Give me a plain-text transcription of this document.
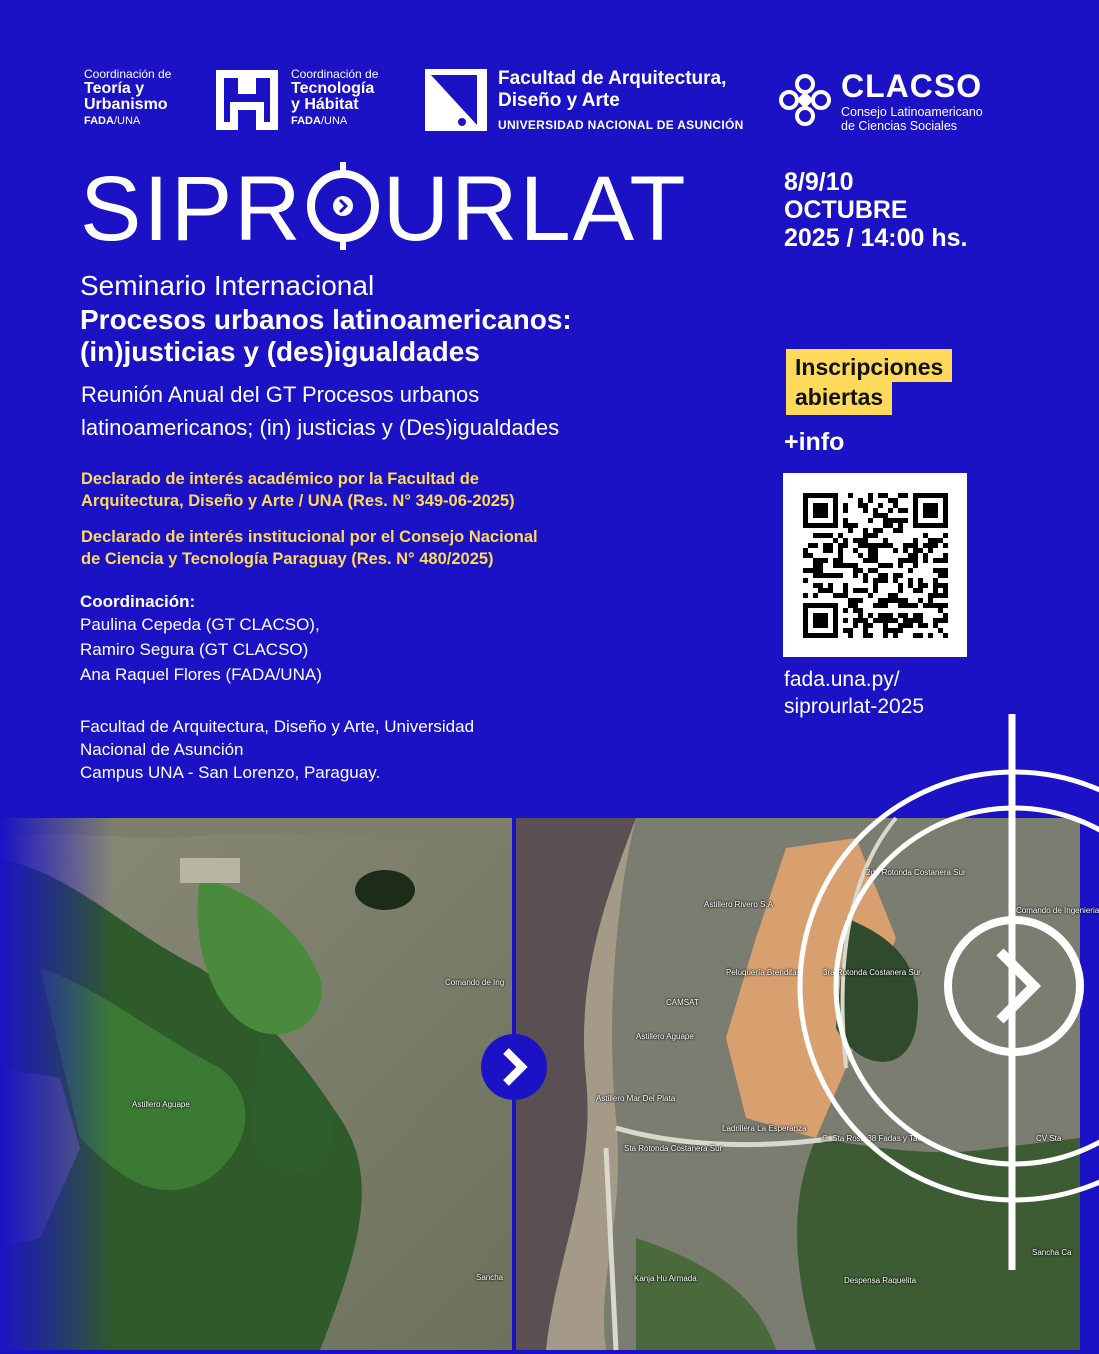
Coordinación de
Teoría y
Urbanismo
FADA/UNA
Coordinación de
Tecnología
y Hábitat
FADA/UNA
Facultad de Arquitectura,
Diseño y Arte
UNIVERSIDAD NACIONAL DE ASUNCIÓN
CLACSO
Consejo Latinoamericano
de Ciencias Sociales
SIPR URLAT
Seminario Internacional
Procesos urbanos latinoamericanos:
(in)justicias y (des)igualdades
Reunión Anual del GT Procesos urbanos
latinoamericanos; (in) justicias y (Des)igualdades
Declarado de interés académico por la Facultad de
Arquitectura, Diseño y Arte / UNA (Res. N° 349-06-2025)
Declarado de interés institucional por el Consejo Nacional
de Ciencia y Tecnología Paraguay (Res. N° 480/2025)
Coordinación:
Paulina Cepeda (GT CLACSO),
Ramiro Segura (GT CLACSO)
Ana Raquel Flores (FADA/UNA)
Facultad de Arquitectura, Diseño y Arte, Universidad
Nacional de Asunción
Campus UNA - San Lorenzo, Paraguay.
8/9/10
OCTUBRE
2025 / 14:00 hs.
Inscripciones
abiertas
+info
fada.una.py/
siprourlat-2025
Comando de Ing
Astillero Aguape
Sancha
Astillero Rivero S.A
Peluquería Brenditas	3ra Rotonda Costanera Sur
CAMSAT
Astillero Aguape
Astillero Mar Del Plata
Sta Rotonda Costanera Sur
Ladrillera La Esperanza
C. Sta Rosa 38 Fadas y Tacu	CV Sta
2da Rotonda Costanera Sur
Comando de Ingenieria
Kanja Hu Armada	Despensa Raquelita
Sancha Ca
